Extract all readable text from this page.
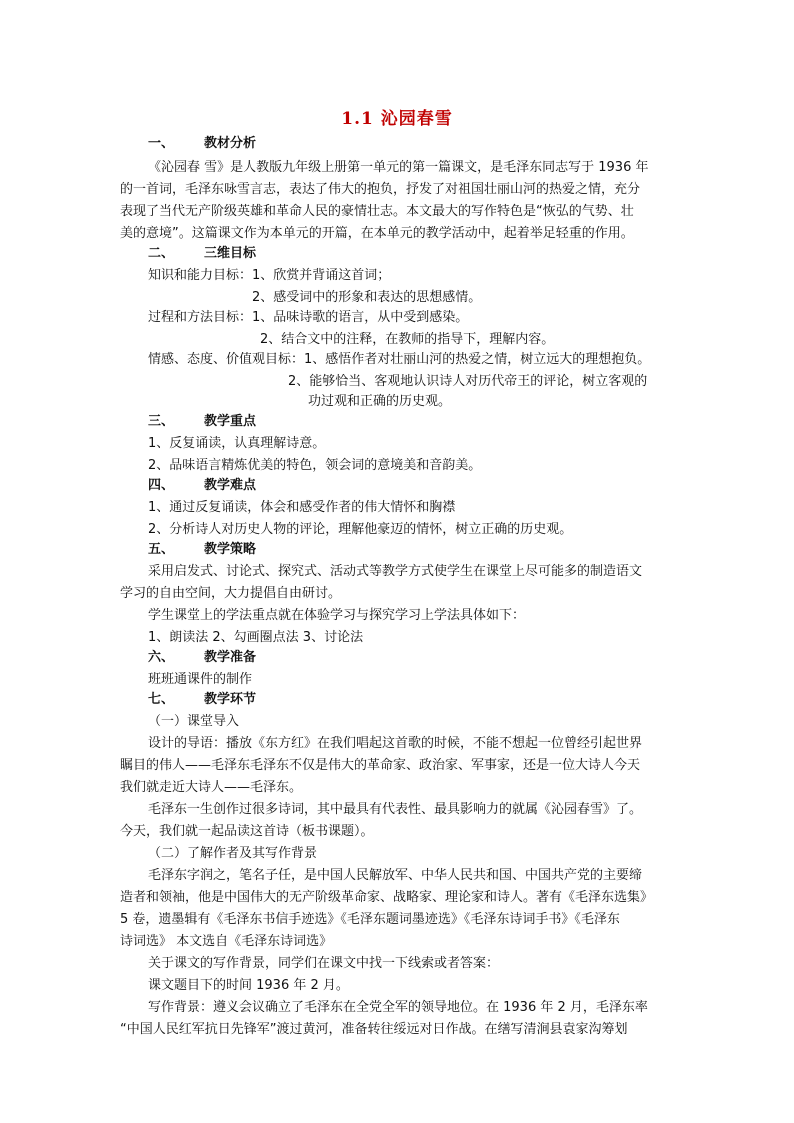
1.1 沁园春雪
一、 教材分析
《沁园春 雪》是人教版九年级上册第一单元的第一篇课文，是毛泽东同志写于 1936 年
的一首词，毛泽东咏雪言志，表达了伟大的抱负，抒发了对祖国壮丽山河的热爱之情，充分
表现了当代无产阶级英雄和革命人民的豪情壮志。本文最大的写作特色是“恢弘的气势、壮
美的意境”。这篇课文作为本单元的开篇，在本单元的教学活动中，起着举足轻重的作用。
二、 三维目标
知识和能力目标：1、欣赏并背诵这首词；
2、感受词中的形象和表达的思想感情。
过程和方法目标：1、品味诗歌的语言，从中受到感染。
2、结合文中的注释，在教师的指导下，理解内容。
情感、态度、价值观目标：1、感悟作者对壮丽山河的热爱之情，树立远大的理想抱负。
2、能够恰当、客观地认识诗人对历代帝王的评论，树立客观的
功过观和正确的历史观。
三、 教学重点
1、反复诵读，认真理解诗意。
2、品味语言精炼优美的特色，领会词的意境美和音韵美。
四、 教学难点
1、通过反复诵读，体会和感受作者的伟大情怀和胸襟
2、分析诗人对历史人物的评论，理解他豪迈的情怀，树立正确的历史观。
五、 教学策略
采用启发式、讨论式、探究式、活动式等教学方式使学生在课堂上尽可能多的制造语文
学习的自由空间，大力提倡自由研讨。
学生课堂上的学法重点就在体验学习与探究学习上学法具体如下：
1、朗读法 2、勾画圈点法 3、讨论法
六、 教学准备
班班通课件的制作
七、 教学环节
（一）课堂导入
设计的导语：播放《东方红》在我们唱起这首歌的时候，不能不想起一位曾经引起世界
瞩目的伟人——毛泽东毛泽东不仅是伟大的革命家、政治家、军事家，还是一位大诗人今天
我们就走近大诗人——毛泽东。
毛泽东一生创作过很多诗词，其中最具有代表性、最具影响力的就属《沁园春雪》了。
今天，我们就一起品读这首诗（板书课题）。
（二）了解作者及其写作背景
毛泽东字润之，笔名子任，是中国人民解放军、中华人民共和国、中国共产党的主要缔
造者和领袖，他是中国伟大的无产阶级革命家、战略家、理论家和诗人。著有《毛泽东选集》
5 卷，遗墨辑有《毛泽东书信手迹选》《毛泽东题词墨迹选》《毛泽东诗词手书》《毛泽东
诗词选》 本文选自《毛泽东诗词选》
关于课文的写作背景，同学们在课文中找一下线索或者答案：
课文题目下的时间 1936 年 2 月。
写作背景：遵义会议确立了毛泽东在全党全军的领导地位。在 1936 年 2 月，毛泽东率
“中国人民红军抗日先锋军”渡过黄河，准备转往绥远对日作战。在缮写清涧县袁家沟筹划
